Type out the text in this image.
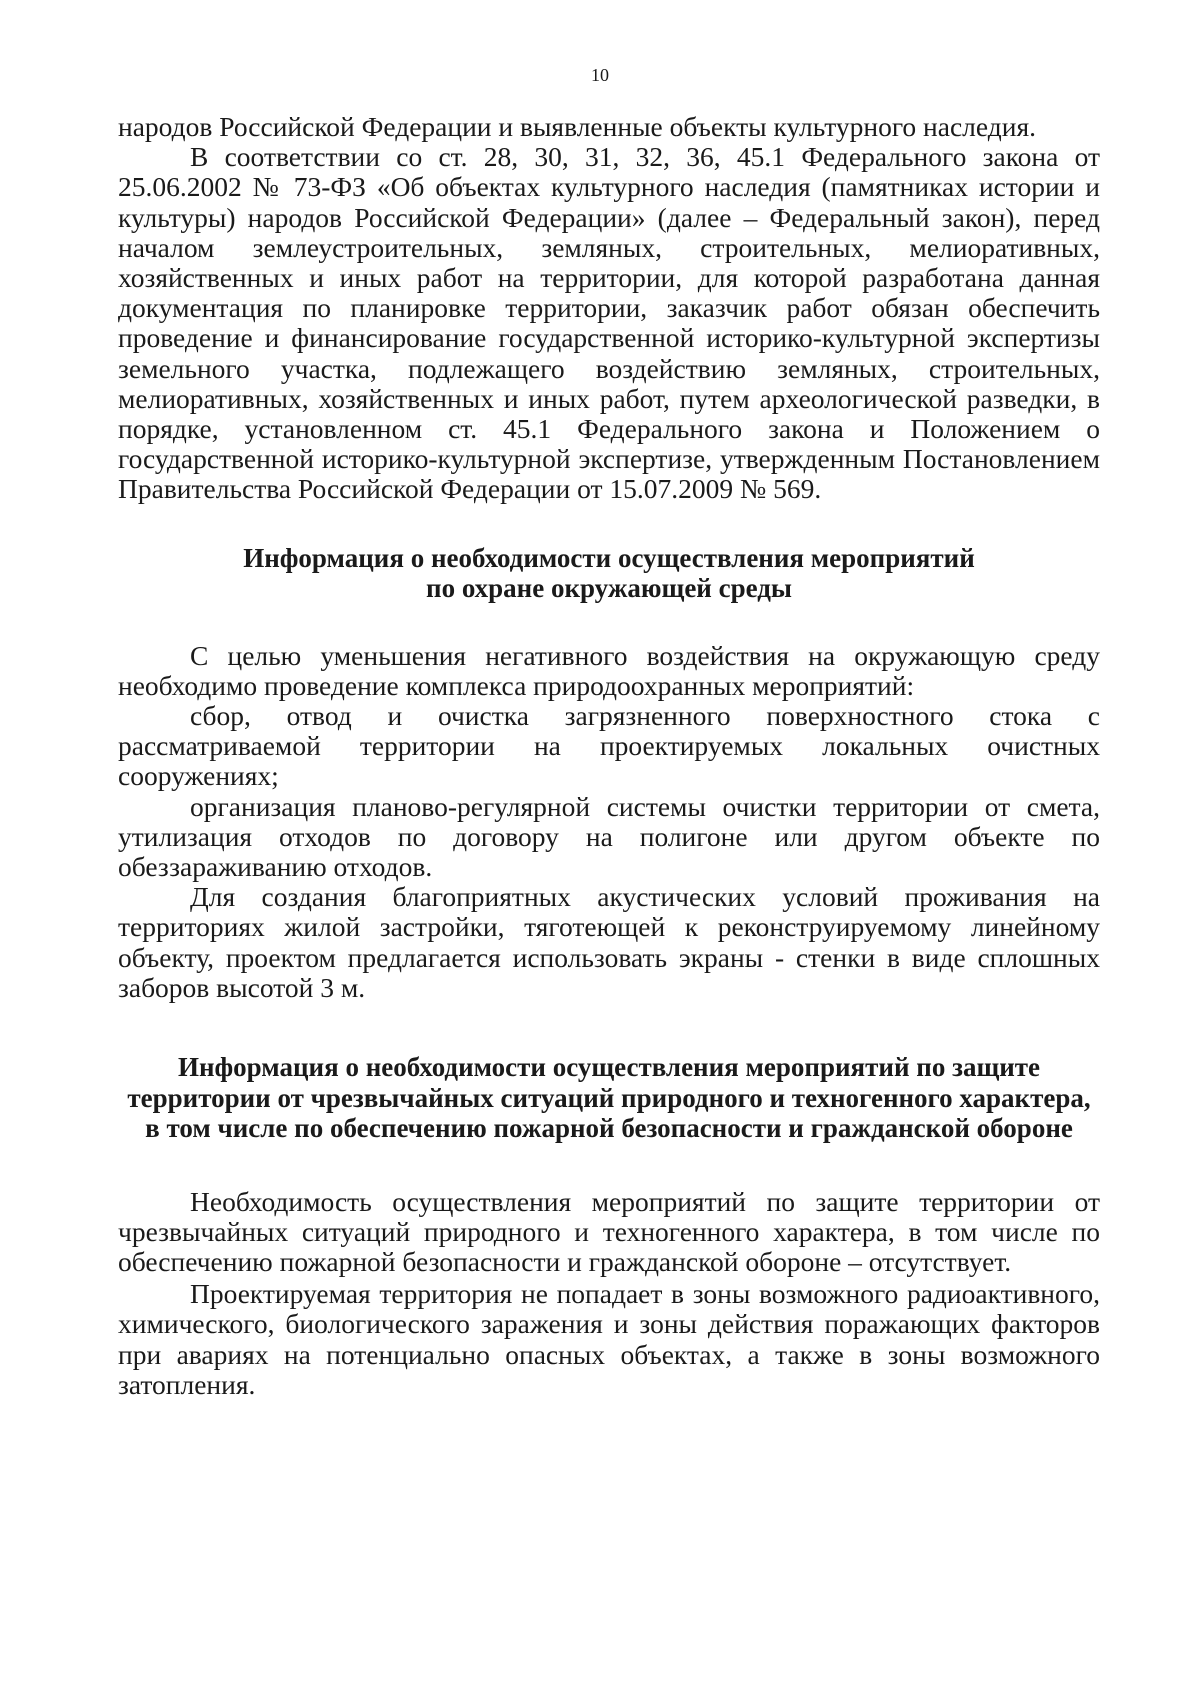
10

народов Российской Федерации и выявленные объекты культурного наследия.

В соответствии со ст. 28, 30, 31, 32, 36, 45.1 Федерального закона от 25.06.2002 № 73-ФЗ «Об объектах культурного наследия (памятниках истории и культуры) народов Российской Федерации» (далее – Федеральный закон), перед началом землеустроительных, земляных, строительных, мелиоративных, хозяйственных и иных работ на территории, для которой разработана данная документация по планировке территории, заказчик работ обязан обеспечить проведение и финансирование государственной историко-культурной экспертизы земельного участка, подлежащего воздействию земляных, строительных, мелиоративных, хозяйственных и иных работ, путем археологической разведки, в порядке, установленном ст. 45.1 Федерального закона и Положением о государственной историко-культурной экспертизе, утвержденным Постановлением Правительства Российской Федерации от 15.07.2009 № 569.

Информация о необходимости осуществления мероприятий
по охране окружающей среды

С целью уменьшения негативного воздействия на окружающую среду необходимо проведение комплекса природоохранных мероприятий:

сбор, отвод и очистка загрязненного поверхностного стока с рассматриваемой территории на проектируемых локальных очистных сооружениях;

организация планово-регулярной системы очистки территории от смета, утилизация отходов по договору на полигоне или другом объекте по обеззараживанию отходов.

Для создания благоприятных акустических условий проживания на территориях жилой застройки, тяготеющей к реконструируемому линейному объекту, проектом предлагается использовать экраны - стенки в виде сплошных заборов высотой 3 м.

Информация о необходимости осуществления мероприятий по защите
территории от чрезвычайных ситуаций природного и техногенного характера,
в том числе по обеспечению пожарной безопасности и гражданской обороне

Необходимость осуществления мероприятий по защите территории от чрезвычайных ситуаций природного и техногенного характера, в том числе по обеспечению пожарной безопасности и гражданской обороне – отсутствует.

Проектируемая территория не попадает в зоны возможного радиоактивного, химического, биологического заражения и зоны действия поражающих факторов при авариях на потенциально опасных объектах, а также в зоны возможного затопления.
